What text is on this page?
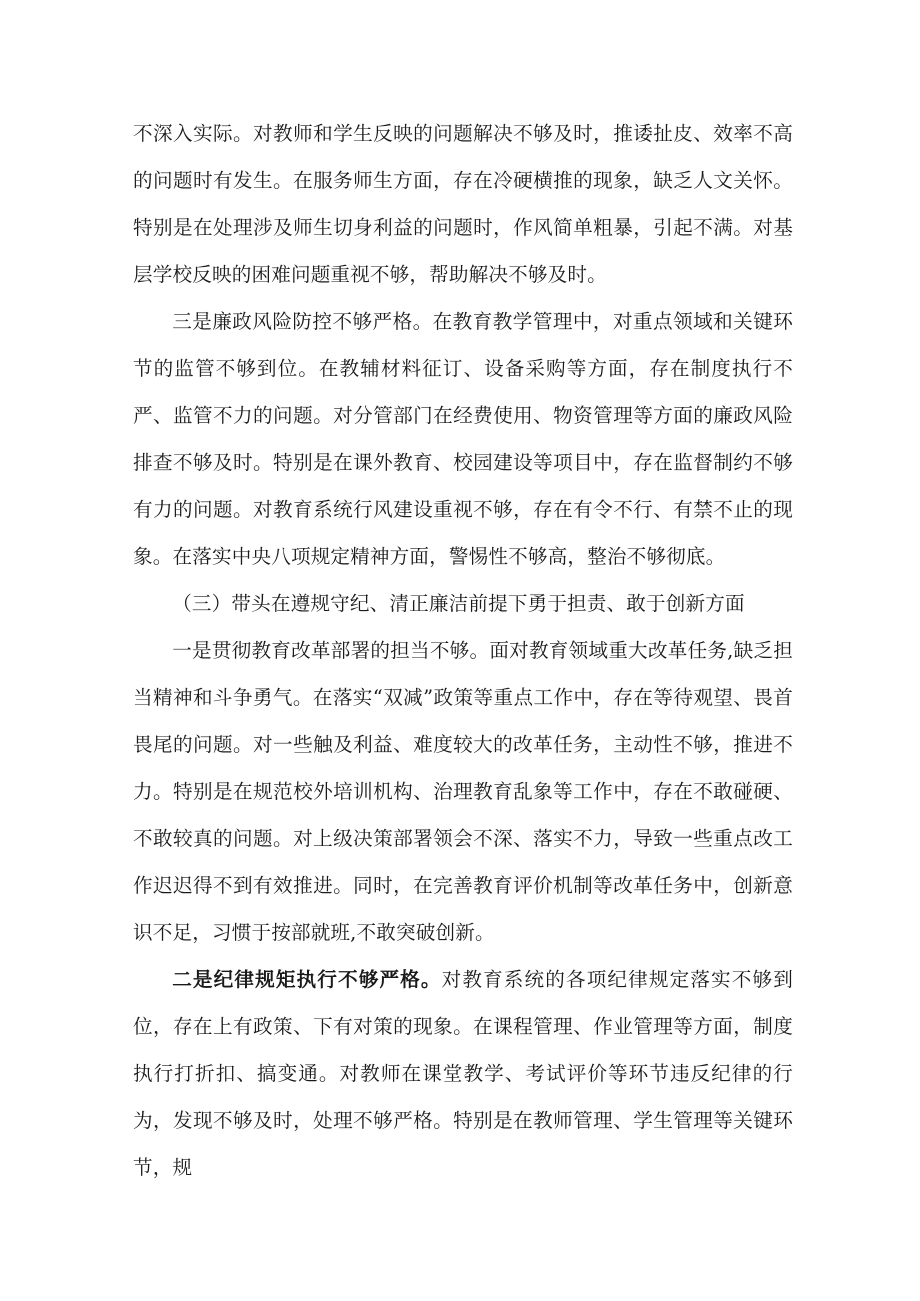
不深入实际。对教师和学生反映的问题解决不够及时，推诿扯皮、效率不高的问题时有发生。在服务师生方面，存在冷硬横推的现象，缺乏人文关怀。特别是在处理涉及师生切身利益的问题时，作风简单粗暴，引起不满。对基层学校反映的困难问题重视不够，帮助解决不够及时。

三是廉政风险防控不够严格。在教育教学管理中，对重点领域和关键环节的监管不够到位。在教辅材料征订、设备采购等方面，存在制度执行不严、监管不力的问题。对分管部门在经费使用、物资管理等方面的廉政风险排查不够及时。特别是在课外教育、校园建设等项目中，存在监督制约不够有力的问题。对教育系统行风建设重视不够，存在有令不行、有禁不止的现象。在落实中央八项规定精神方面，警惕性不够高，整治不够彻底。

（三）带头在遵规守纪、清正廉洁前提下勇于担责、敢于创新方面

一是贯彻教育改革部署的担当不够。面对教育领域重大改革任务,缺乏担当精神和斗争勇气。在落实“双减”政策等重点工作中，存在等待观望、畏首畏尾的问题。对一些触及利益、难度较大的改革任务，主动性不够，推进不力。特别是在规范校外培训机构、治理教育乱象等工作中，存在不敢碰硬、不敢较真的问题。对上级决策部署领会不深、落实不力，导致一些重点改工作迟迟得不到有效推进。同时，在完善教育评价机制等改革任务中，创新意识不足，习惯于按部就班,不敢突破创新。

二是纪律规矩执行不够严格。对教育系统的各项纪律规定落实不够到位，存在上有政策、下有对策的现象。在课程管理、作业管理等方面，制度执行打折扣、搞变通。对教师在课堂教学、考试评价等环节违反纪律的行为，发现不够及时，处理不够严格。特别是在教师管理、学生管理等关键环节，规
